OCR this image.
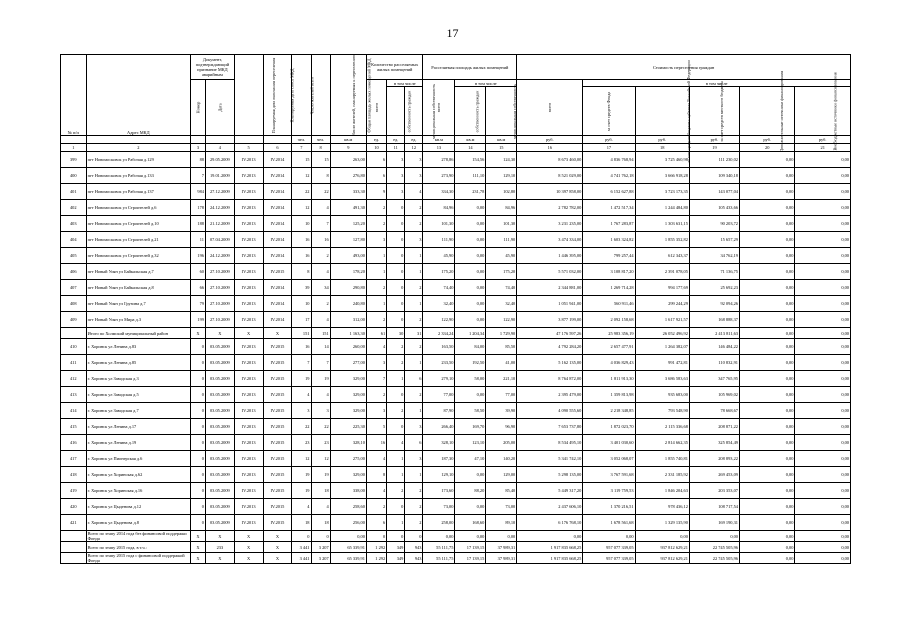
17
№ п/п	Адрес МКД	Документ, подтверждающий признание МКД аварийным		Планируемая дата окончания переселения	Планируемая дата сноса МКД	Число жителей всего	Число жителей, планируемых к переселению	Общая площадь жилых помещений МКД	Количество расселяемых жилых помещений			Расселяемая площадь жилых помещений			Стоимость переселения граждан					
		Номер	Дата						всего	в том числе		всего	в том числе		всего	в том числе				
										собственность граждан	муниципальная собственность		собственность граждан	муниципальная собственность		за счет средств Фонда	за счет средств бюджета субъекта Российской Федерации	за счет средств местного бюджета	Дополнительные источники финансирования	Внебюджетные источники финансирования
						чел.	чел.	кв.м	ед.	ед.	ед.	кв.м	кв.м	кв.м	руб.	руб.	руб.	руб.	руб.	руб.
1	2	3	4	5	6	7	8	9	10	11	12	13	14	15	16	17	18	19	20	21
399	пгт Новомосковск ул Рабочая д.129	88	29.05.2009	IV.2013	IV.2014	15	15	263,00	6	3	3	278,86	154,56	124,30	8 673 460,00	4 836 768,94	3 725 460,98	111 230,02	0,00	0,00
400	пгт Новомосковск ул Рабочая д.133	7	19.01.2009	IV.2013	IV.2014	12	8	276,80	6	3	3	273,90	111,10	129,10	8 521 029,00	4 741 762,18	3 666 918,28	109 340,18	0,00	0,00
401	пгт Новомосковск ул Рабочая д.137	984	27.12.2009	IV.2013	IV.2014	22	22	333,30	9	3	4	334,30	231,78	102,80	10 397 858,00	6 152 627,88	3 723 173,35	143 077,04	0,00	0,00
402	пгт Новомосковск ул Строителей д.6	178	24.12.2009	IV.2013	IV.2014	12	4	491,30	2	0	2	84,96	0,00	84,96	2 782 782,00	1 472 517,34	1 244 484,80	105 433,66	0,00	0,00
403	пгт Новомосковск ул Строителей д.10	188	21.12.2009	IV.2013	IV.2014	10	7	125,20	2	0	2	101,30	0,00	101,30	3 231 235,00	1 767 283,87	1 303 631,15	90 203,72	0,00	0,00
404	пгт Новомосковск ул Строителей д.21	11	07.04.2009	IV.2013	IV.2014	16	16	127,80	3	0	3	111,90	0,00	111,90	3 474 334,00	1 603 324,82	1 855 352,82	15 657,29	0,00	0,00
405	пгт Новомосковск ул Строителей д.32	196	24.12.2009	IV.2013	IV.2014	16	2	493,00	1	0	1	45,90	0,00	45,90	1 446 395,00	799 257,44	612 343,37	34 762,19	0,00	0,00
406	пгт Новый Уоян ул Байкальская д.7	60	27.10.2009	IV.2013	IV.2015	8	4	178,20	1	0	1	175,20	0,00	175,20	5 571 032,00	3 108 817,20	2 391 078,05	71 136,75	0,00	0,00
407	пгт Новый Уоян ул Байкальская д.8	66	27.10.2009	IV.2013	IV.2014	39	34	290,80	2	0	2	74,40	0,00	74,40	2 344 881,00	1 269 714,28	994 177,69	25 692,23	0,00	0,00
408	пгт Новый Уоян ул Грузина д.7	79	27.10.2009	IV.2013	IV.2014	10	2	240,80	1	0	1	32,40	0,00	32,40	1 051 941,00	560 911,46	299 244,29	92 094,26	0,00	0,00
409	пгт Новый Уоян ул Мира д.3	199	27.10.2009	IV.2013	IV.2014	17	4	312,00	2	0	2	122,90	0,00	122,90	3 877 199,00	2 092 158,68	1 617 921,57	168 888,37	0,00	0,00
	Итого по Холмский муниципальный район	X	X	X	X	151	151	1 163,30	61	30	31	2 334,24	1 204,34	1 729,90	47 176 597,26	25 983 356,19	26 052 496,92	2 413 811,63	0,00	0,00
410	г. Хоринск ул Ленина д.83	0	03.05.2009	IV.2013	IV.2015	16	14	260,00	4	2	2	163,50	84,00	85,50	4 792 284,20	2 657 477,91	1 264 382,07	146 484,22	0,00	0,00
411	г. Хоринск ул Ленина д.85	0	03.05.2009	IV.2013	IV.2015	7	7	277,00	3	2	1	233,50	192,50	41,00	5 162 135,00	4 036 829,43	991 472,81	110 832,91	0,00	0,00
412	г. Хоринск ул Заводская д.3	0	03.05.2009	IV.2013	IV.2015	19	19	329,00	7	1	6	279,10	58,00	221,10	8 764 872,00	1 811 913,30	3 686 583,63	347 765,95	0,00	0,00
413	г. Хоринск ул Заводская д.5	0	03.05.2009	IV.2013	IV.2015	4	4	329,00	2	0	2	77,00	0,00	77,00	2 395 479,00	1 359 813,98	935 683,00	105 969,02	0,00	0,00
414	г. Хоринск ул Заводская д.7	0	03.05.2009	IV.2013	IV.2015	3	3	329,00	3	2	1	87,90	58,50	39,90	4 090 555,60	2 218 348,85	793 548,90	78 668,67	0,00	0,00
415	г. Хоринск ул Ленина д.17	0	03.05.2009	IV.2013	IV.2015	22	22	225,30	5	0	3	266,40	169,70	96,90	7 653 737,80	1 872 023,70	2 115 336,68	208 871,22	0,00	0,00
416	г. Хоринск ул Ленина д.19	0	03.05.2009	IV.2013	IV.2015	23	23	328,10	16	4	6	328,10	123,10	205,00	8 534 495,10	3 401 030,60	2 814 662,35	325 854,49	0,00	0,00
417	г. Хоринск ул Пионерская д.6	0	03.05.2009	IV.2013	IV.2015	12	12	275,00	4	1	3	187,30	47,10	140,20	5 341 742,10	3 052 068,07	1 855 740,81	208 893,22	0,00	0,00
418	г. Хоринск ул Хоринская д.62	0	03.05.2009	IV.2013	IV.2015	19	19	329,00	8	1	1	129,10	0,00	129,00	5 298 135,00	3 767 591,68	2 331 185,92	269 453,09	0,00	0,00
419	г. Хоринск ул Хоринская д.16	0	03.05.2009	IV.2013	IV.2015	19	18	338,00	4	2	2	173,60	88,20	85,40	5 449 317,20	3 119 759,53	1 846 204,63	203 353,07	0,00	0,00
420	г. Хоринск ул Цыденова д.12	0	03.05.2009	IV.2013	IV.2015	4	4	258,60	2	0	2	73,00	0,00	73,00	2 437 606,10	1 370 216,51	978 436,12	108 717,54	0,00	0,00
421	г. Хоринск ул Цыденова д.8	0	03.05.2009	IV.2013	IV.2015	18	18	256,00	6	1	2	258,00	168,60	89,10	6 176 768,10	1 678 561,68	1 329 135,90	169 190,31	0,00	0,00
	Всего по этапу 2014 года без финансовой поддержки Фонда	X	X	X	X	0	0	0,00	0	0	0	0,00	0,00	0,00	0,00	0,00	0,00	0,00	0,00	0,00
	Всего по этапу 2015 года, в т.ч.:	X	233	X	X	3 441	3 207	65 339,91	1 292	349	943	55 111,75	17 139,15	37 989,31	1 917 835 668,25	957 077 339,05	937 812 629,21	22 745 505,96	0,00	0,00
	Всего по этапу 2015 года с финансовой поддержкой Фонда	X	X	X	X	3 441	3 207	65 339,91	1 292	349	943	55 111,75	17 139,15	37 989,31	1 917 835 668,25	957 077 339,05	937 812 629,21	22 745 505,96	0,00	0,00
